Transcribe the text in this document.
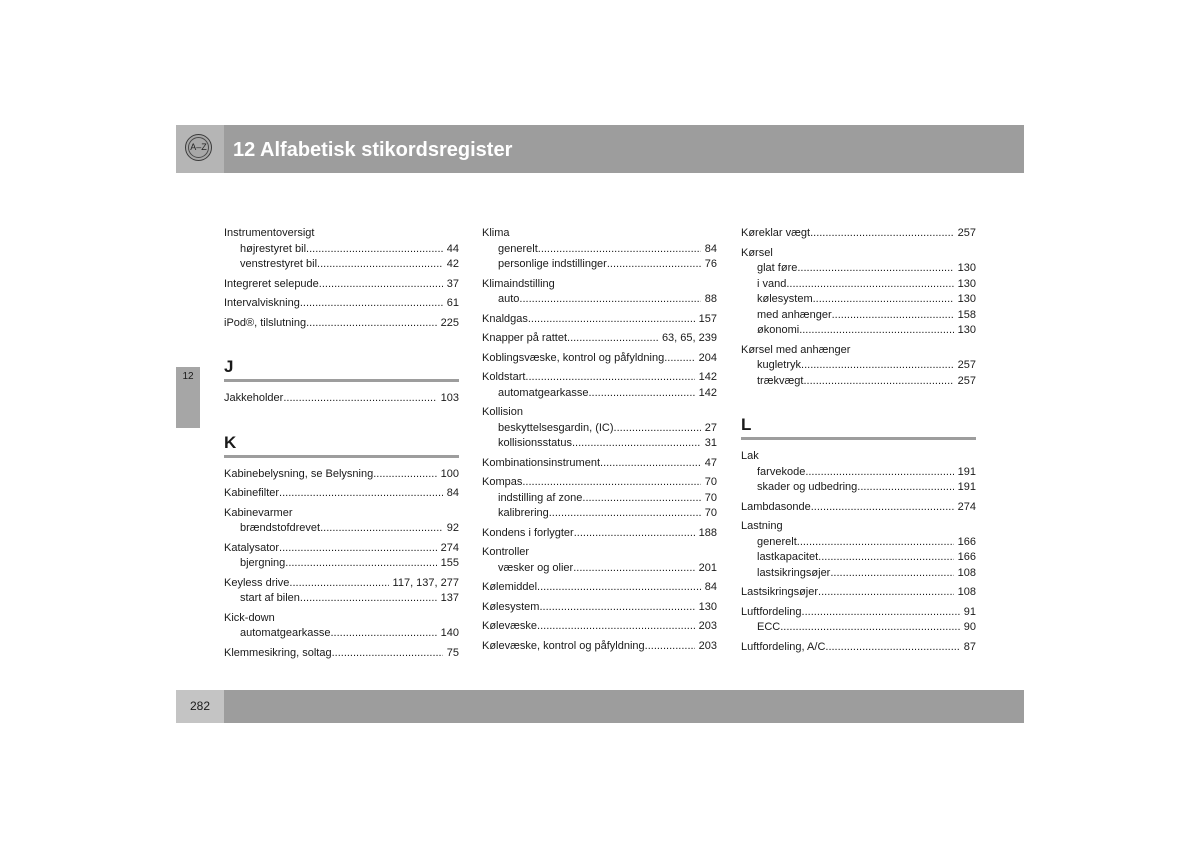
A–Z 12 Alfabetisk stikordsregister
12
Instrumentoversigt
højrestyret bil .....	44
venstrestyret bil .....	42
Integreret selepude .....	37
Intervalviskning .....	61
iPod®, tilslutning .....	225
J
Jakkeholder .....	103
K
Kabinebelysning, se Belysning .....	100
Kabinefilter .....	84
Kabinevarmer
brændstofdrevet .....	92
Katalysator .....	274
bjergning .....	155
Keyless drive .....	117, 137, 277
start af bilen .....	137
Kick-down
automatgearkasse .....	140
Klemmesikring, soltag .....	75
Klima
generelt .....	84
personlige indstillinger .....	76
Klimaindstilling
auto .....	88
Knaldgas .....	157
Knapper på rattet .....	63, 65, 239
Koblingsvæske, kontrol og påfyldning .....	204
Koldstart .....	142
automatgearkasse .....	142
Kollision
beskyttelsesgardin, (IC) .....	27
kollisionsstatus .....	31
Kombinationsinstrument .....	47
Kompas .....	70
indstilling af zone .....	70
kalibrering .....	70
Kondens i forlygter .....	188
Kontroller
væsker og olier .....	201
Kølemiddel .....	84
Kølesystem .....	130
Kølevæske .....	203
Kølevæske, kontrol og påfyldning .....	203
Køreklar vægt .....	257
Kørsel
glat føre .....	130
i vand .....	130
kølesystem .....	130
med anhænger .....	158
økonomi .....	130
Kørsel med anhænger
kugletryk .....	257
trækvægt .....	257
L
Lak
farvekode .....	191
skader og udbedring .....	191
Lambdasonde .....	274
Lastning
generelt .....	166
lastkapacitet .....	166
lastsikringsøjer .....	108
Lastsikringsøjer .....	108
Luftfordeling .....	91
ECC .....	90
Luftfordeling, A/C .....	87
282
